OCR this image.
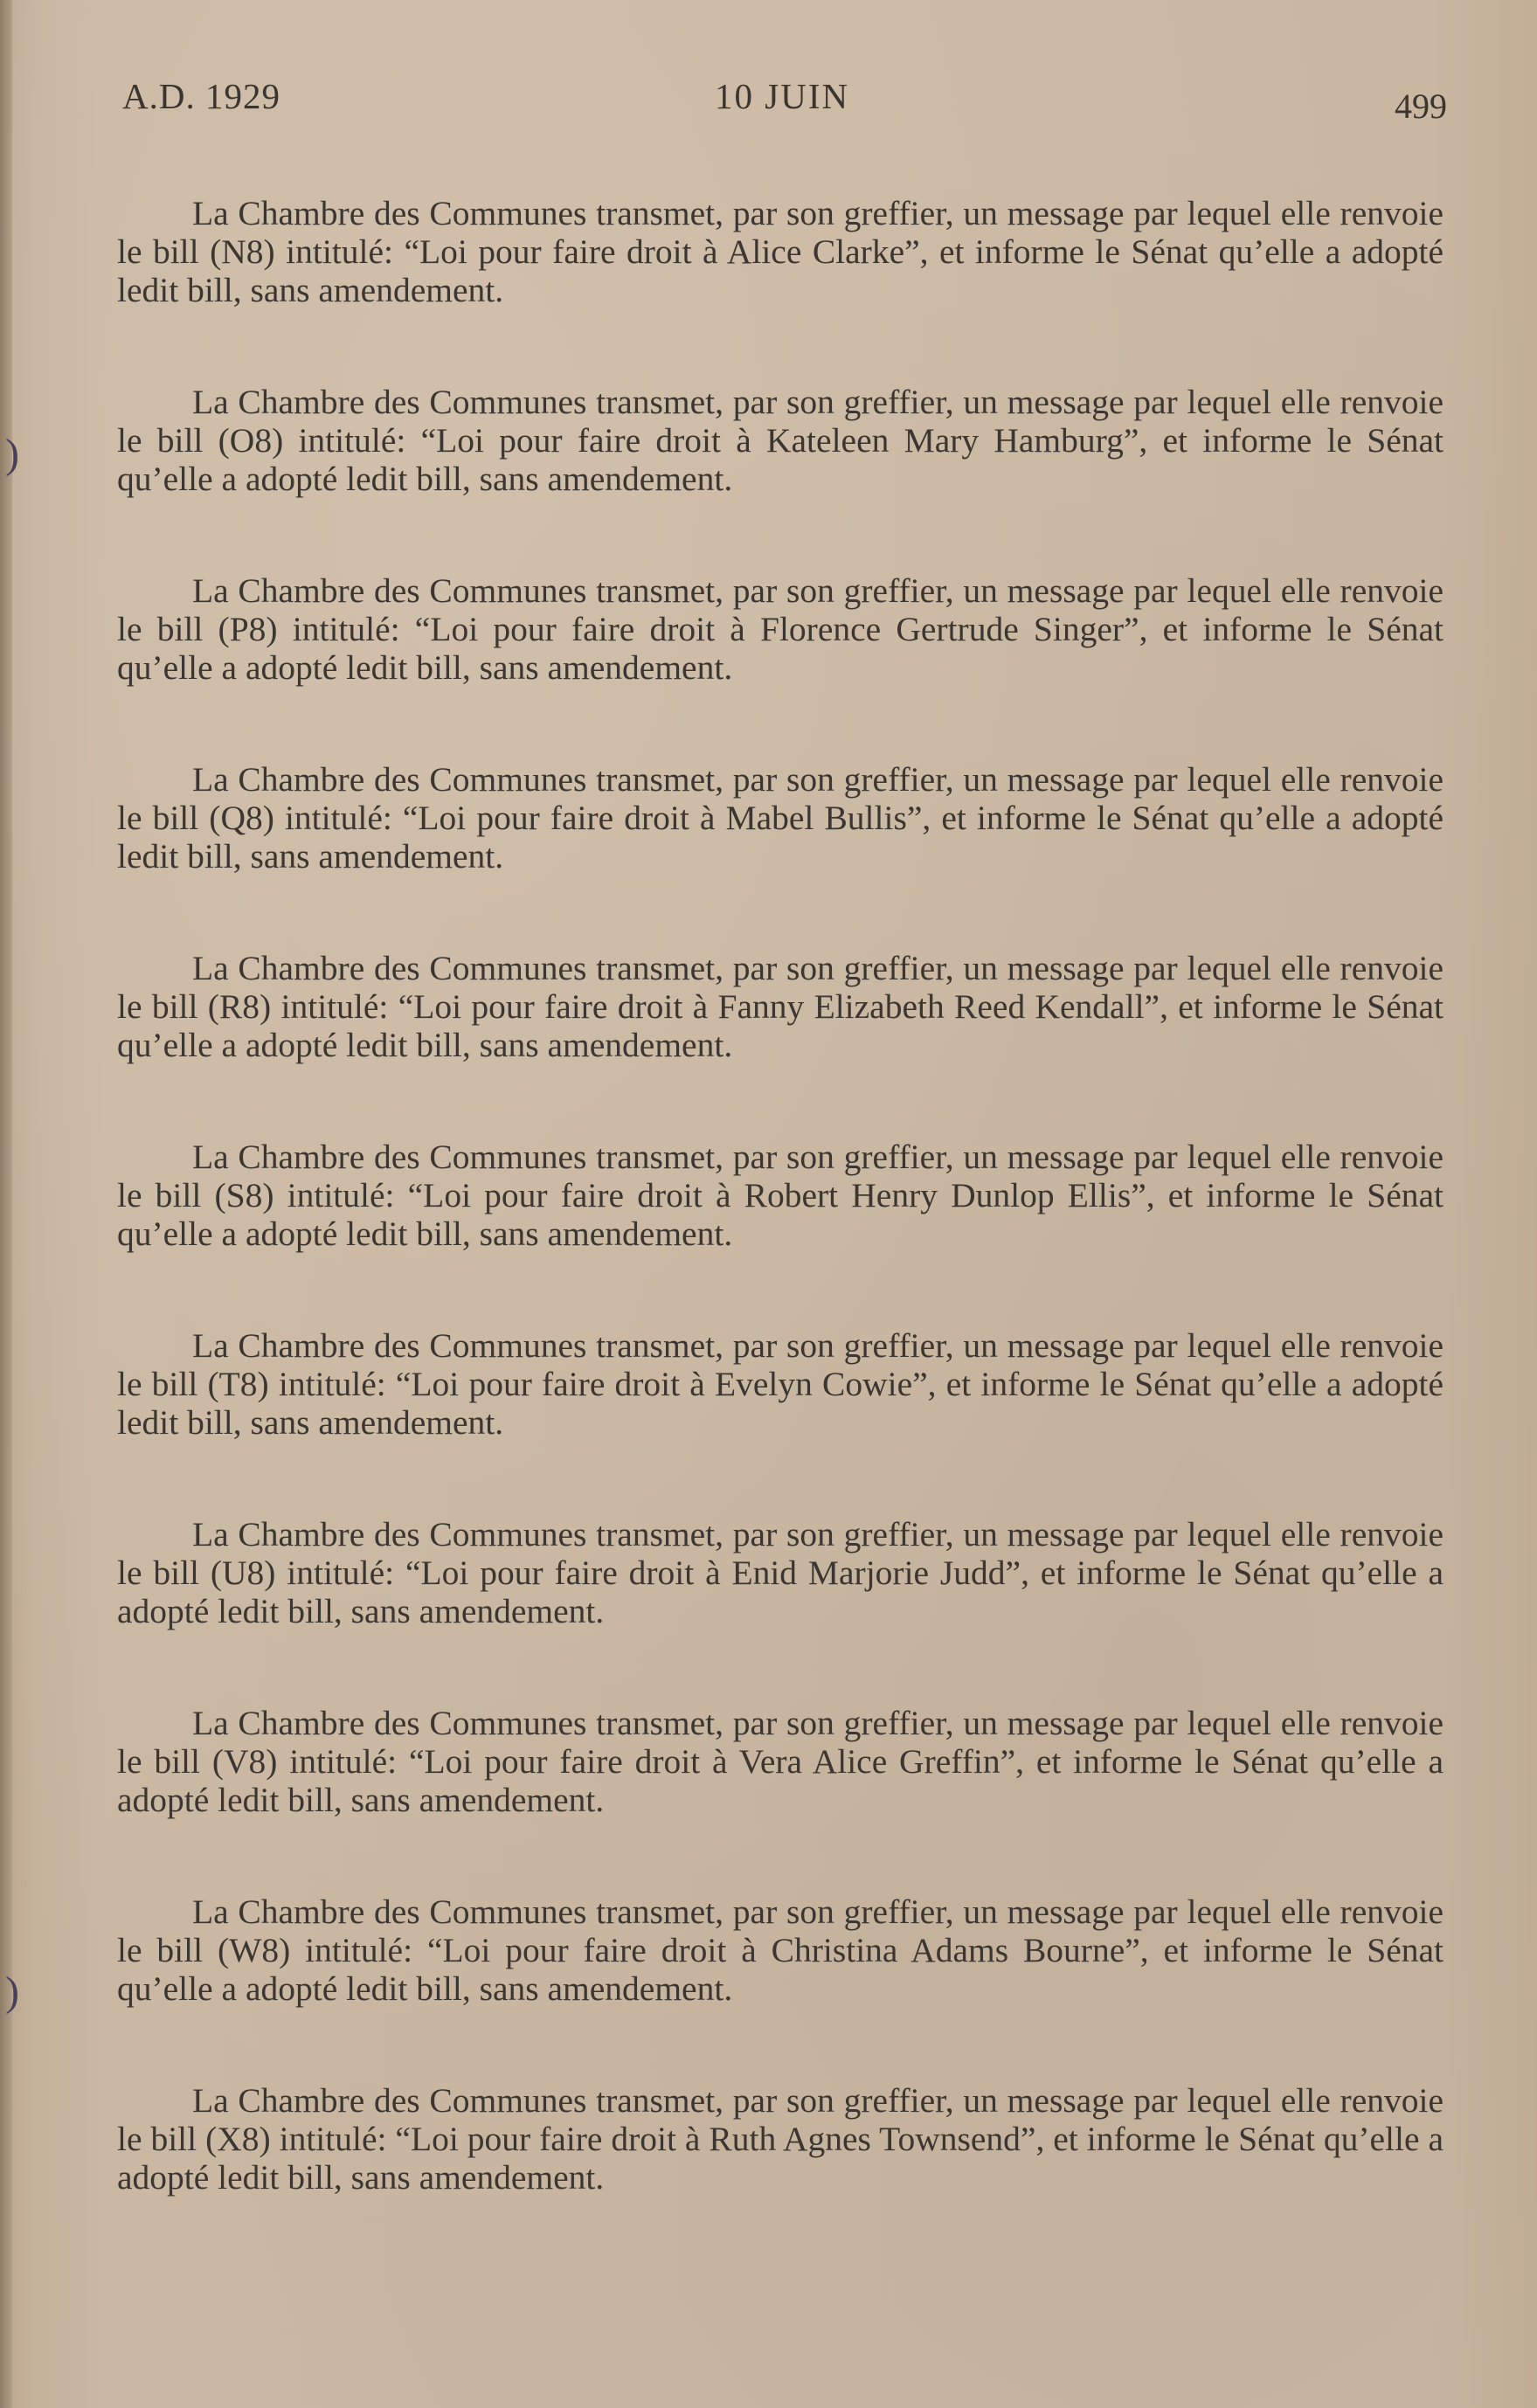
)
)
A.D. 1929	10 JUIN	499

La Chambre des Communes transmet, par son greffier, un message par lequel elle renvoie le bill (N8) intitulé: “Loi pour faire droit à Alice Clarke”, et informe le Sénat qu’elle a adopté ledit bill, sans amendement.

La Chambre des Communes transmet, par son greffier, un message par lequel elle renvoie le bill (O8) intitulé: “Loi pour faire droit à Kateleen Mary Hamburg”, et informe le Sénat qu’elle a adopté ledit bill, sans amendement.

La Chambre des Communes transmet, par son greffier, un message par lequel elle renvoie le bill (P8) intitulé: “Loi pour faire droit à Florence Gertrude Singer”, et informe le Sénat qu’elle a adopté ledit bill, sans amendement.

La Chambre des Communes transmet, par son greffier, un message par lequel elle renvoie le bill (Q8) intitulé: “Loi pour faire droit à Mabel Bullis”, et informe le Sénat qu’elle a adopté ledit bill, sans amendement.

La Chambre des Communes transmet, par son greffier, un message par lequel elle renvoie le bill (R8) intitulé: “Loi pour faire droit à Fanny Elizabeth Reed Kendall”, et informe le Sénat qu’elle a adopté ledit bill, sans amendement.

La Chambre des Communes transmet, par son greffier, un message par lequel elle renvoie le bill (S8) intitulé: “Loi pour faire droit à Robert Henry Dunlop Ellis”, et informe le Sénat qu’elle a adopté ledit bill, sans amendement.

La Chambre des Communes transmet, par son greffier, un message par lequel elle renvoie le bill (T8) intitulé: “Loi pour faire droit à Evelyn Cowie”, et informe le Sénat qu’elle a adopté ledit bill, sans amendement.

La Chambre des Communes transmet, par son greffier, un message par lequel elle renvoie le bill (U8) intitulé: “Loi pour faire droit à Enid Marjorie Judd”, et informe le Sénat qu’elle a adopté ledit bill, sans amendement.

La Chambre des Communes transmet, par son greffier, un message par lequel elle renvoie le bill (V8) intitulé: “Loi pour faire droit à Vera Alice Greffin”, et informe le Sénat qu’elle a adopté ledit bill, sans amendement.

La Chambre des Communes transmet, par son greffier, un message par lequel elle renvoie le bill (W8) intitulé: “Loi pour faire droit à Christina Adams Bourne”, et informe le Sénat qu’elle a adopté ledit bill, sans amendement.

La Chambre des Communes transmet, par son greffier, un message par lequel elle renvoie le bill (X8) intitulé: “Loi pour faire droit à Ruth Agnes Townsend”, et informe le Sénat qu’elle a adopté ledit bill, sans amendement.
